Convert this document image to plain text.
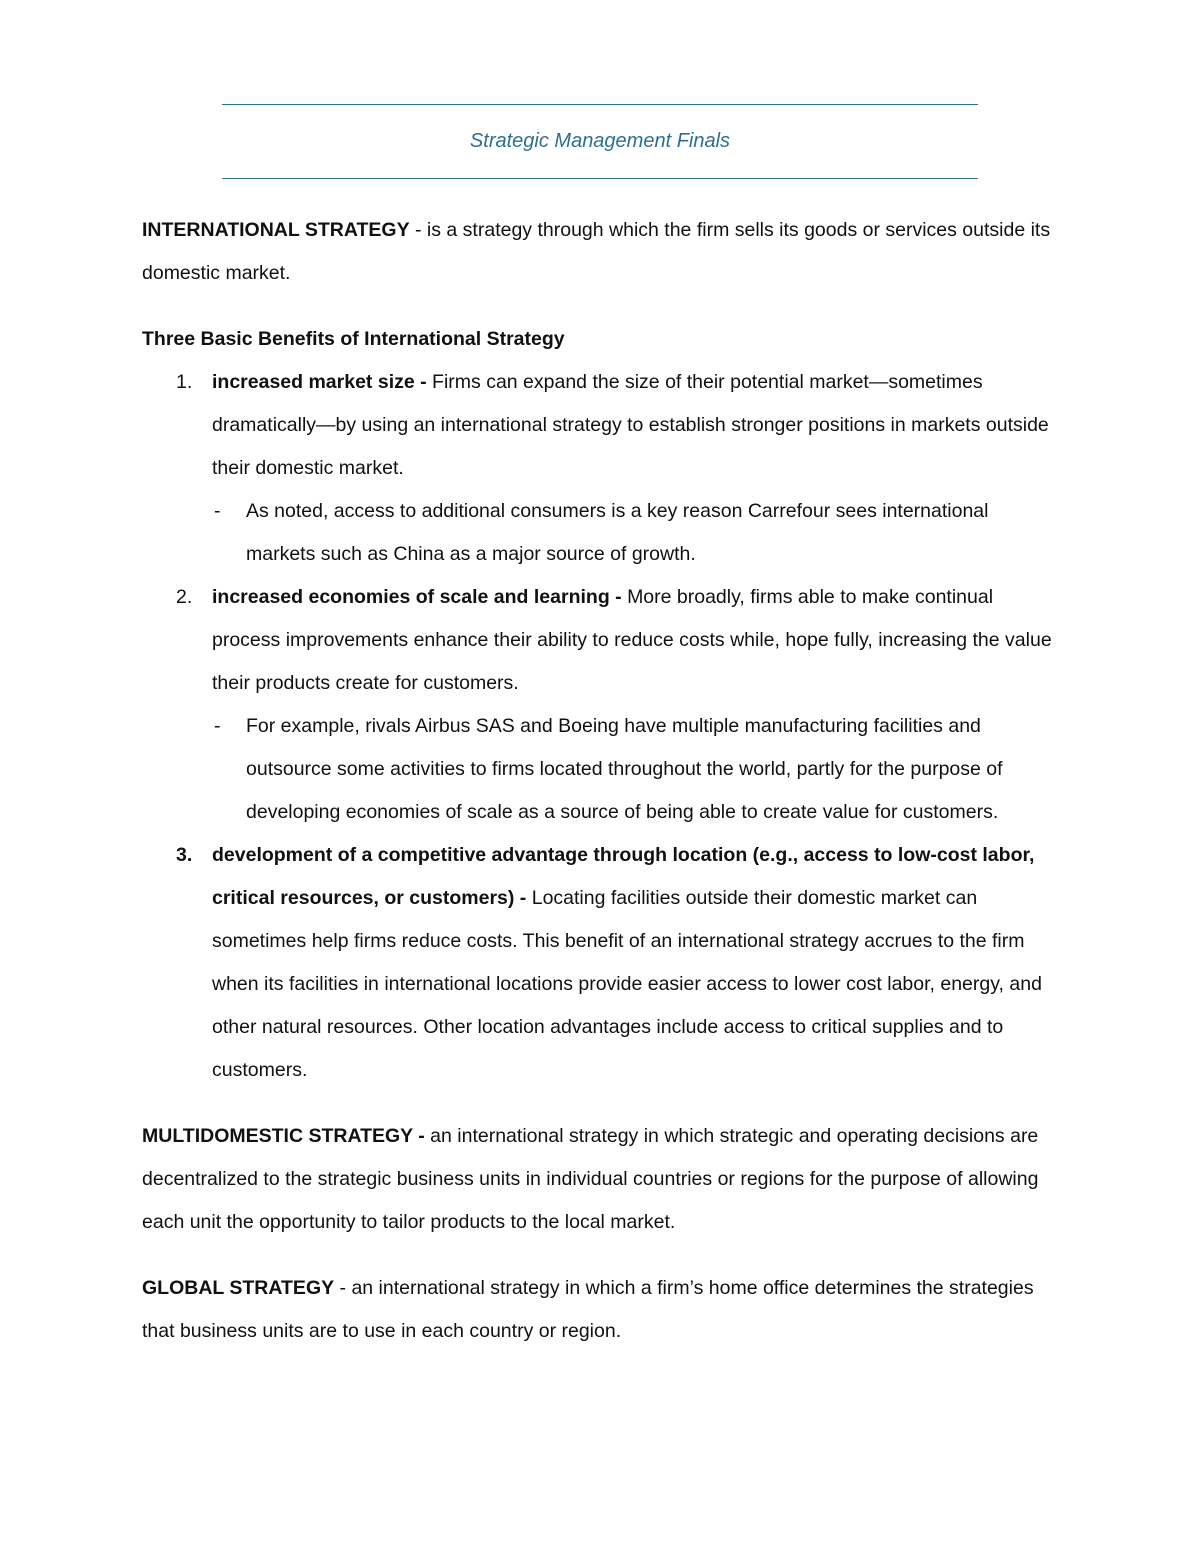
Strategic Management Finals

INTERNATIONAL STRATEGY - is a strategy through which the firm sells its goods or services outside its domestic market.

Three Basic Benefits of International Strategy

1. increased market size - Firms can expand the size of their potential market—sometimes dramatically—by using an international strategy to establish stronger positions in markets outside their domestic market.

- As noted, access to additional consumers is a key reason Carrefour sees international markets such as China as a major source of growth.

2. increased economies of scale and learning - More broadly, firms able to make continual process improvements enhance their ability to reduce costs while, hope fully, increasing the value their products create for customers.

- For example, rivals Airbus SAS and Boeing have multiple manufacturing facilities and outsource some activities to firms located throughout the world, partly for the purpose of developing economies of scale as a source of being able to create value for customers.

3. development of a competitive advantage through location (e.g., access to low-cost labor, critical resources, or customers) - Locating facilities outside their domestic market can sometimes help firms reduce costs. This benefit of an international strategy accrues to the firm when its facilities in international locations provide easier access to lower cost labor, energy, and other natural resources. Other location advantages include access to critical supplies and to customers.

MULTIDOMESTIC STRATEGY - an international strategy in which strategic and operating decisions are decentralized to the strategic business units in individual countries or regions for the purpose of allowing each unit the opportunity to tailor products to the local market.

GLOBAL STRATEGY - an international strategy in which a firm’s home office determines the strategies that business units are to use in each country or region.
